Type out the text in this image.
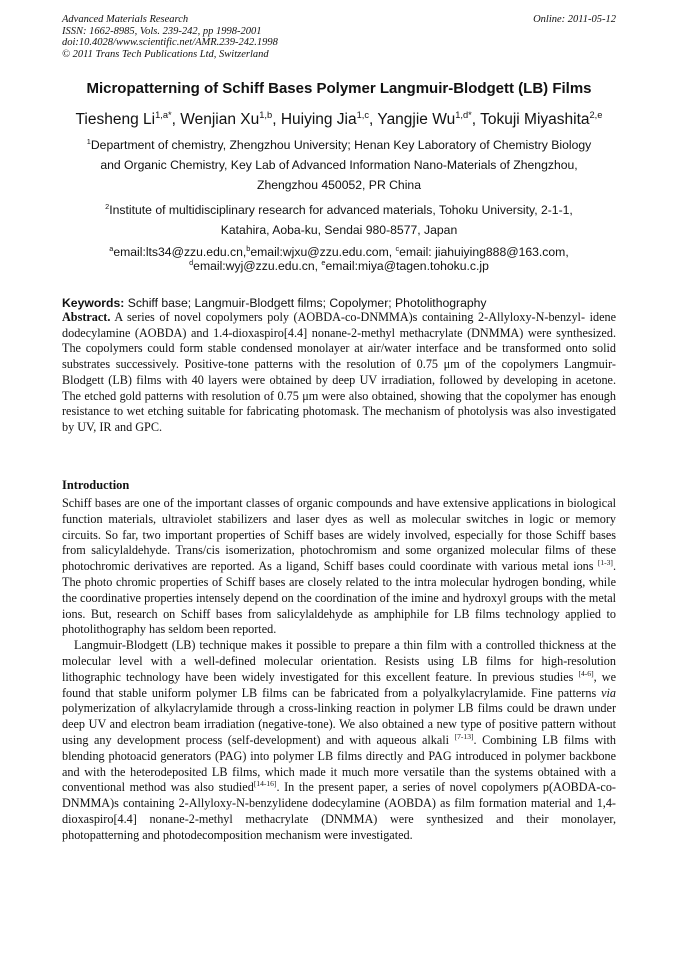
Advanced Materials Research
ISSN: 1662-8985, Vols. 239-242, pp 1998-2001
doi:10.4028/www.scientific.net/AMR.239-242.1998
© 2011 Trans Tech Publications Ltd, Switzerland
Online: 2011-05-12
Micropatterning of Schiff Bases Polymer Langmuir-Blodgett (LB) Films
Tiesheng $Li^{1,a*}$, Wenjian Xu$^{1,b}$, Huiying Jia$^{1,c}$, Yangjie $Wu^{1,d*}$, Tokuji Miyashita$^{2,e}$

$^1$Department of chemistry, Zhengzhou University; Henan Key Laboratory of Chemistry Biology

and Organic Chemistry, Key Lab of Advanced Information Nano-Materials of Zhengzhou,

Zhengzhou 450052, PR China

$^2$Institute of multidisciplinary research for advanced materials, Tohoku University, 2-1-1,

Katahira, Aoba-ku, Sendai 980-8577, Japan

$^a$email:lts34@zzu.edu.cn,$^b$email:wjxu@zzu.edu.com, $^c$email: jiahuiying888@163.com,

$^d$email:wyj@zzu.edu.cn, $^e$email:miya@tagen.tohoku.c.jp

Keywords: Schiff base; Langmuir-Blodgett films; Copolymer; Photolithography
Abstract. A series of novel copolymers poly (AOBDA-co-DNMMA)s containing 2-Allyloxy-N-benzyl- idene dodecylamine (AOBDA) and 1.4-dioxaspiro[4.4] nonane-2-methyl methacrylate (DNMMA) were synthesized. The copolymers could form stable condensed monolayer at air/water interface and be transformed onto solid substrates successively. Positive-tone patterns with the resolution of 0.75 μm of the copolymers Langmuir-Blodgett (LB) films with 40 layers were obtained by deep UV irradiation, followed by developing in acetone. The etched gold patterns with resolution of 0.75 μm were also obtained, showing that the copolymer has enough resistance to wet etching suitable for fabricating photomask. The mechanism of photolysis was also investigated by UV, IR and GPC.
Introduction

Schiff bases are one of the important classes of organic compounds and have extensive applications in biological function materials, ultraviolet stabilizers and laser dyes as well as molecular switches in logic or memory circuits. So far, two important properties of Schiff bases are widely involved, especially for those Schiff bases from salicylaldehyde. Trans/cis isomerization, photochromism and some organized molecular films of these photochromic derivatives are reported. As a ligand, Schiff bases could coordinate with various metal ions [1-3]. The photo chromic properties of Schiff bases are closely related to the intra molecular hydrogen bonding, while the coordinative properties intensely depend on the coordination of the imine and hydroxyl groups with the metal ions. But, research on Schiff bases from salicylaldehyde as amphiphile for LB films technology applied to photolithography has seldom been reported.

Langmuir-Blodgett (LB) technique makes it possible to prepare a thin film with a controlled thickness at the molecular level with a well-defined molecular orientation. Resists using LB films for high-resolution lithographic technology have been widely investigated for this excellent feature. In previous studies [4-6], we found that stable uniform polymer LB films can be fabricated from a polyalkylacrylamide. Fine patterns via polymerization of alkylacrylamide through a cross-linking reaction in polymer LB films could be drawn under deep UV and electron beam irradiation (negative-tone). We also obtained a new type of positive pattern without using any development process (self-development) and with aqueous alkali [7-13]. Combining LB films with blending photoacid generators (PAG) into polymer LB films directly and PAG introduced in polymer backbone and with the heterodeposited LB films, which made it much more versatile than the systems obtained with a conventional method was also studied[14-16]. In the present paper, a series of novel copolymers p(AOBDA-co-DNMMA)s containing 2-Allyloxy-N-benzylidene dodecylamine (AOBDA) as film formation material and 1,4-dioxaspiro[4.4] nonane-2-methyl methacrylate (DNMMA) were synthesized and their monolayer, photopatterning and photodecomposition mechanism were investigated.
